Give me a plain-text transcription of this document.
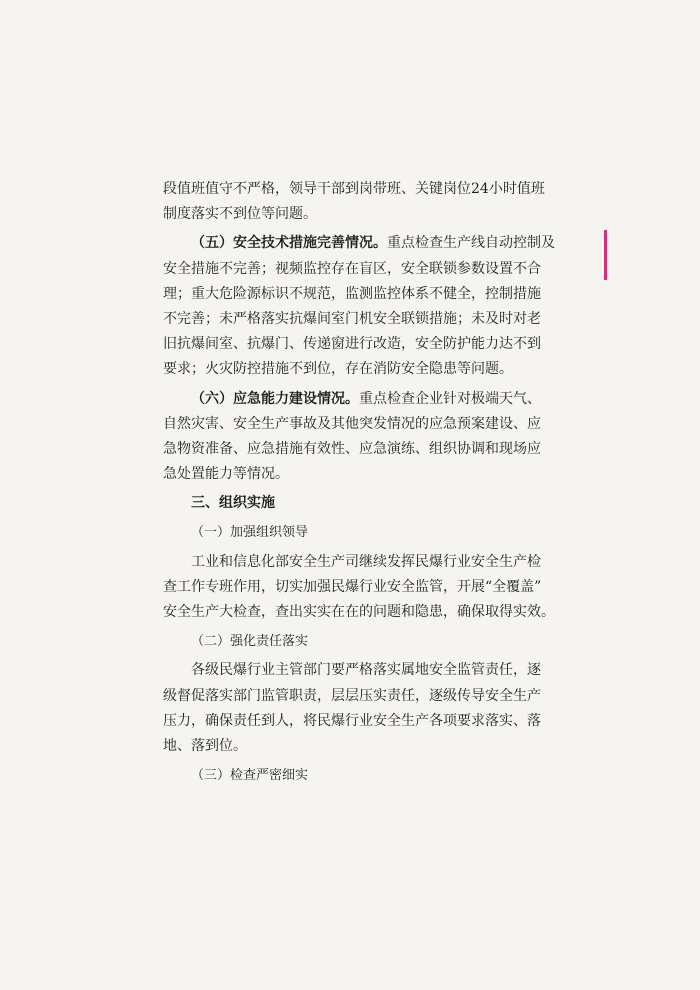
段值班值守不严格，领导干部到岗带班、关键岗位24小时值班
制度落实不到位等问题。
（五）安全技术措施完善情况。重点检查生产线自动控制及
安全措施不完善；视频监控存在盲区，安全联锁参数设置不合
理；重大危险源标识不规范，监测监控体系不健全，控制措施
不完善；未严格落实抗爆间室门机安全联锁措施；未及时对老
旧抗爆间室、抗爆门、传递窗进行改造，安全防护能力达不到
要求；火灾防控措施不到位，存在消防安全隐患等问题。
（六）应急能力建设情况。重点检查企业针对极端天气、
自然灾害、安全生产事故及其他突发情况的应急预案建设、应
急物资准备、应急措施有效性、应急演练、组织协调和现场应
急处置能力等情况。
三、组织实施
（一）加强组织领导
工业和信息化部安全生产司继续发挥民爆行业安全生产检
查工作专班作用，切实加强民爆行业安全监管，开展“全覆盖”
安全生产大检查，查出实实在在的问题和隐患，确保取得实效。
（二）强化责任落实
各级民爆行业主管部门要严格落实属地安全监管责任，逐
级督促落实部门监管职责，层层压实责任，逐级传导安全生产
压力，确保责任到人，将民爆行业安全生产各项要求落实、落
地、落到位。
（三）检查严密细实
